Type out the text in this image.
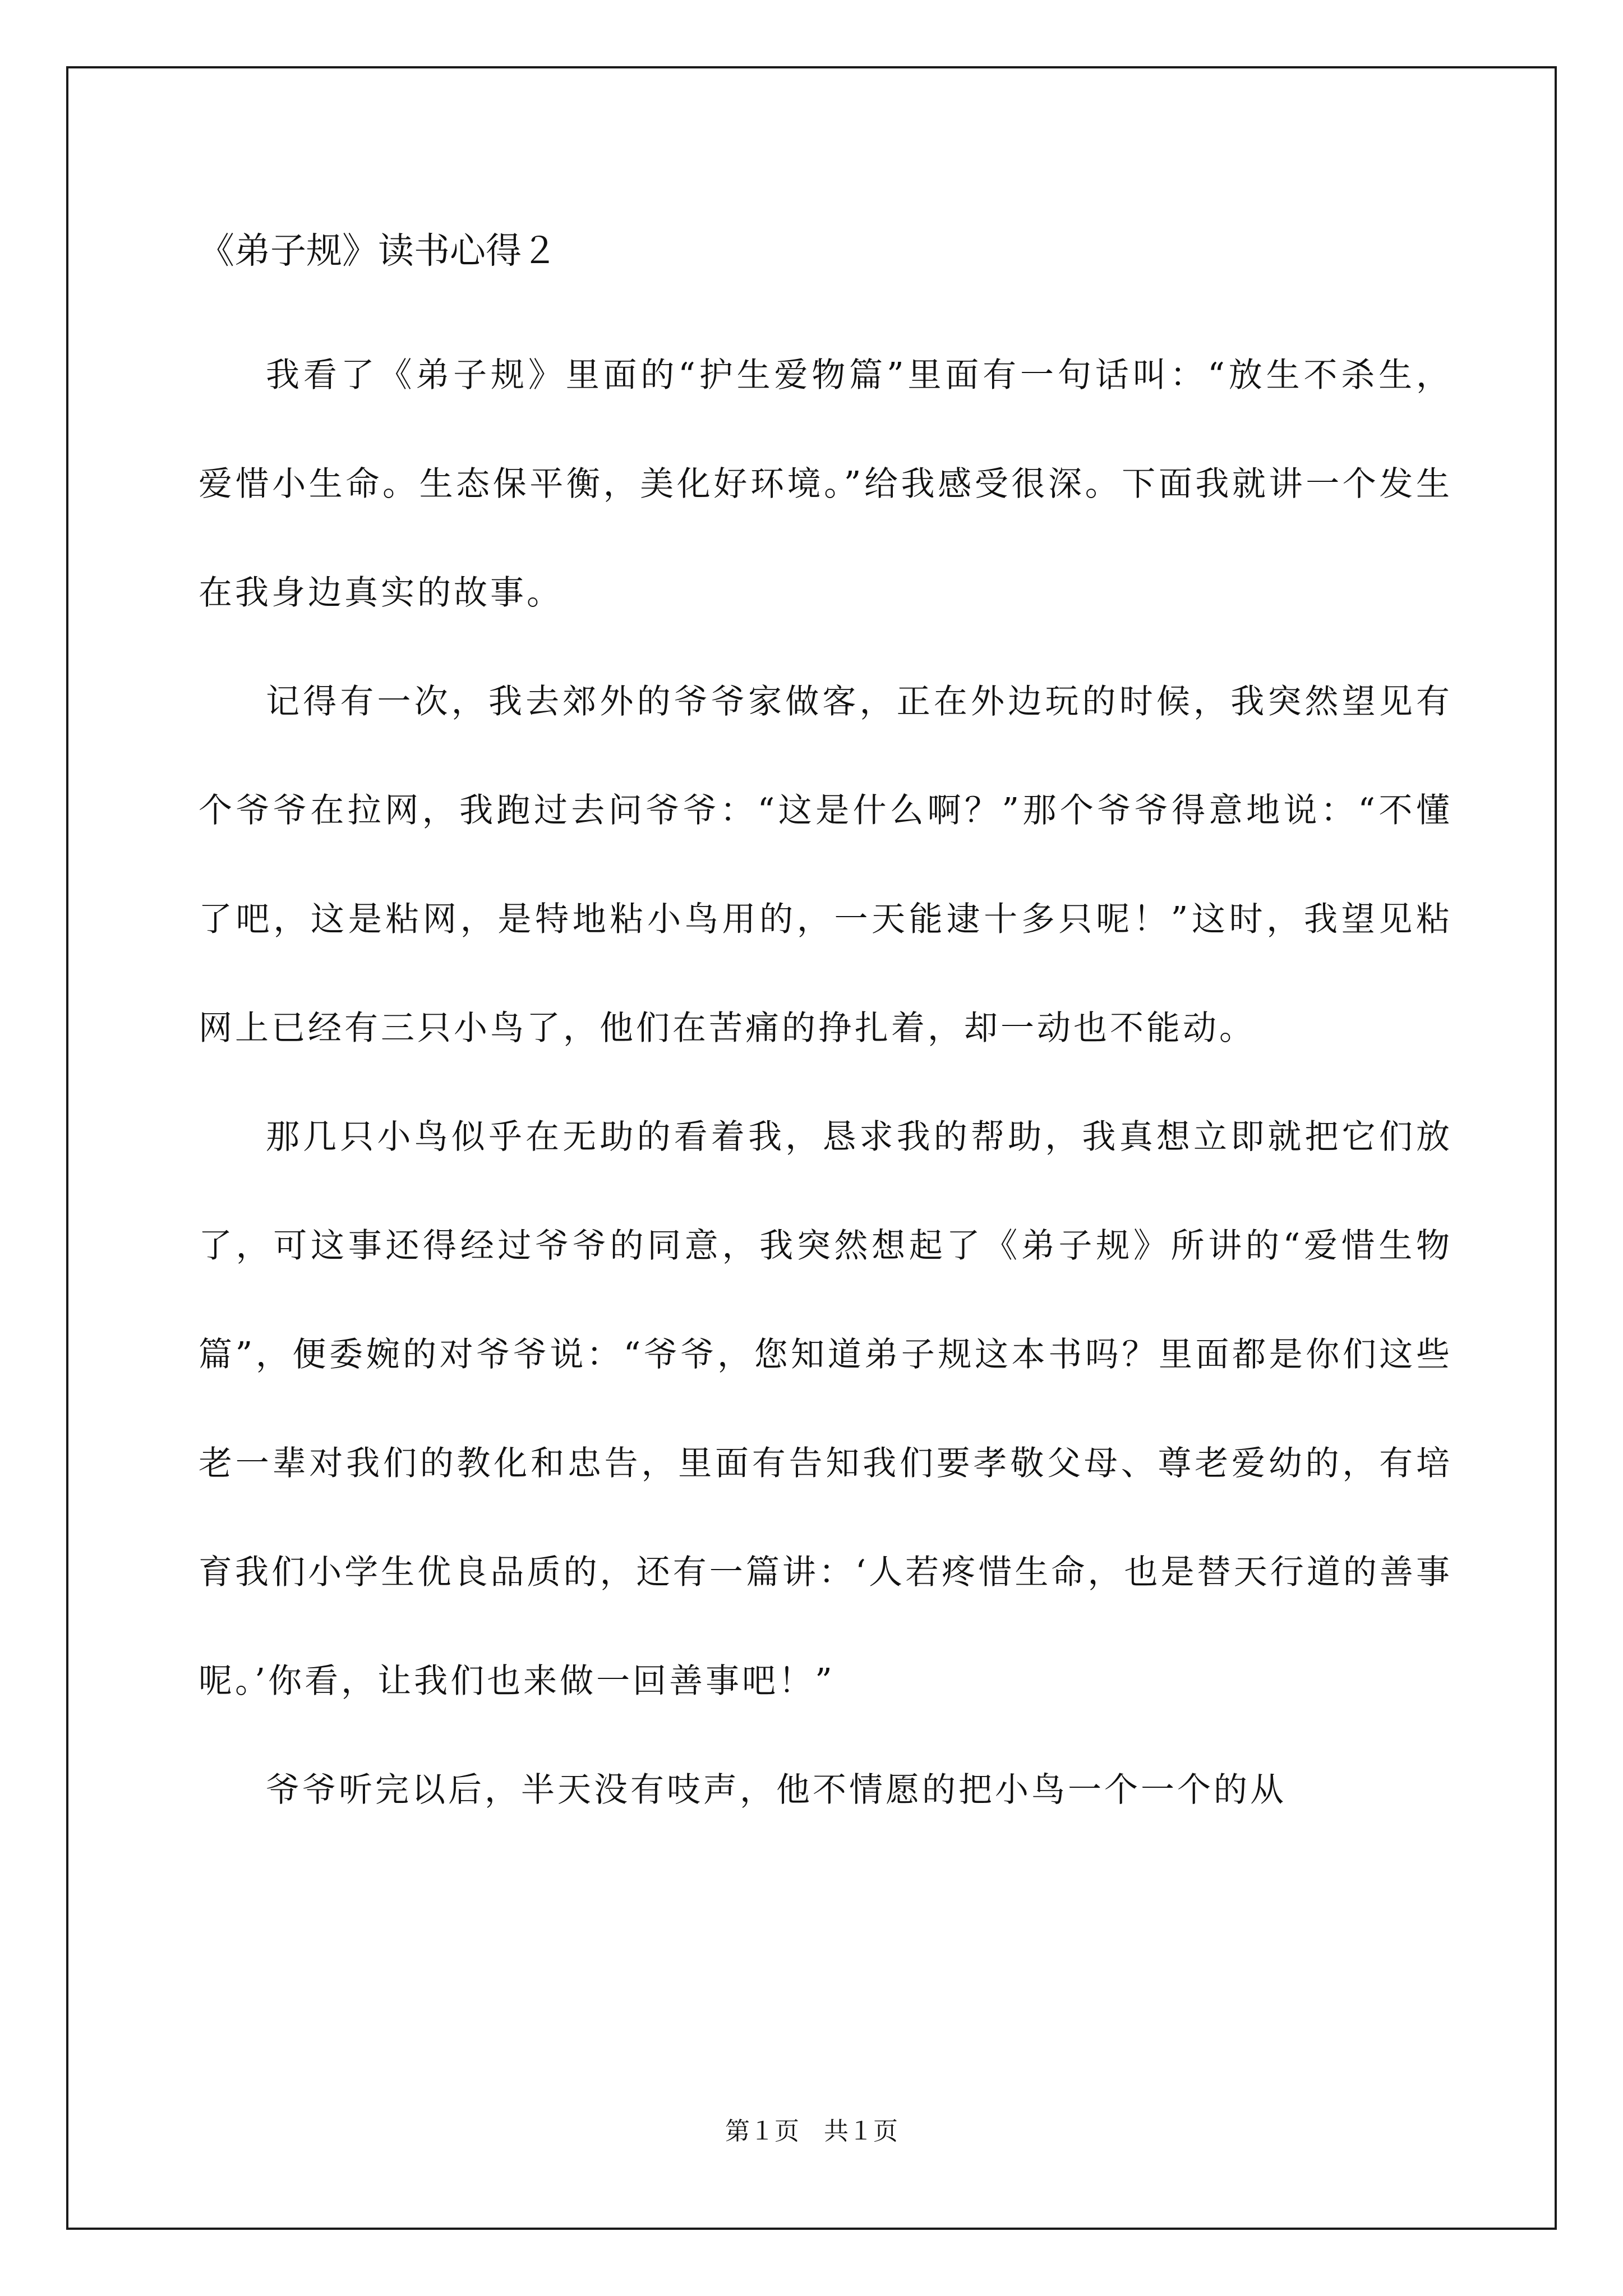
《弟子规》读书心得２

我看了《弟子规》里面的“护生爱物篇”里面有一句话叫：“放生不杀生，爱惜小生命。生态保平衡，美化好环境。”给我感受很深。下面我就讲一个发生在我身边真实的故事。

记得有一次，我去郊外的爷爷家做客，正在外边玩的时候，我突然望见有个爷爷在拉网，我跑过去问爷爷：“这是什么啊？”那个爷爷得意地说：“不懂了吧，这是粘网，是特地粘小鸟用的，一天能逮十多只呢！”这时，我望见粘网上已经有三只小鸟了，他们在苦痛的挣扎着，却一动也不能动。

那几只小鸟似乎在无助的看着我，恳求我的帮助，我真想立即就把它们放了，可这事还得经过爷爷的同意，我突然想起了《弟子规》所讲的“爱惜生物篇”，便委婉的对爷爷说：“爷爷，您知道弟子规这本书吗？里面都是你们这些老一辈对我们的教化和忠告，里面有告知我们要孝敬父母、尊老爱幼的，有培育我们小学生优良品质的，还有一篇讲：‘人若疼惜生命，也是替天行道的善事呢。’你看，让我们也来做一回善事吧！”

爷爷听完以后，半天没有吱声，他不情愿的把小鸟一个一个的从

第１页　共１页
